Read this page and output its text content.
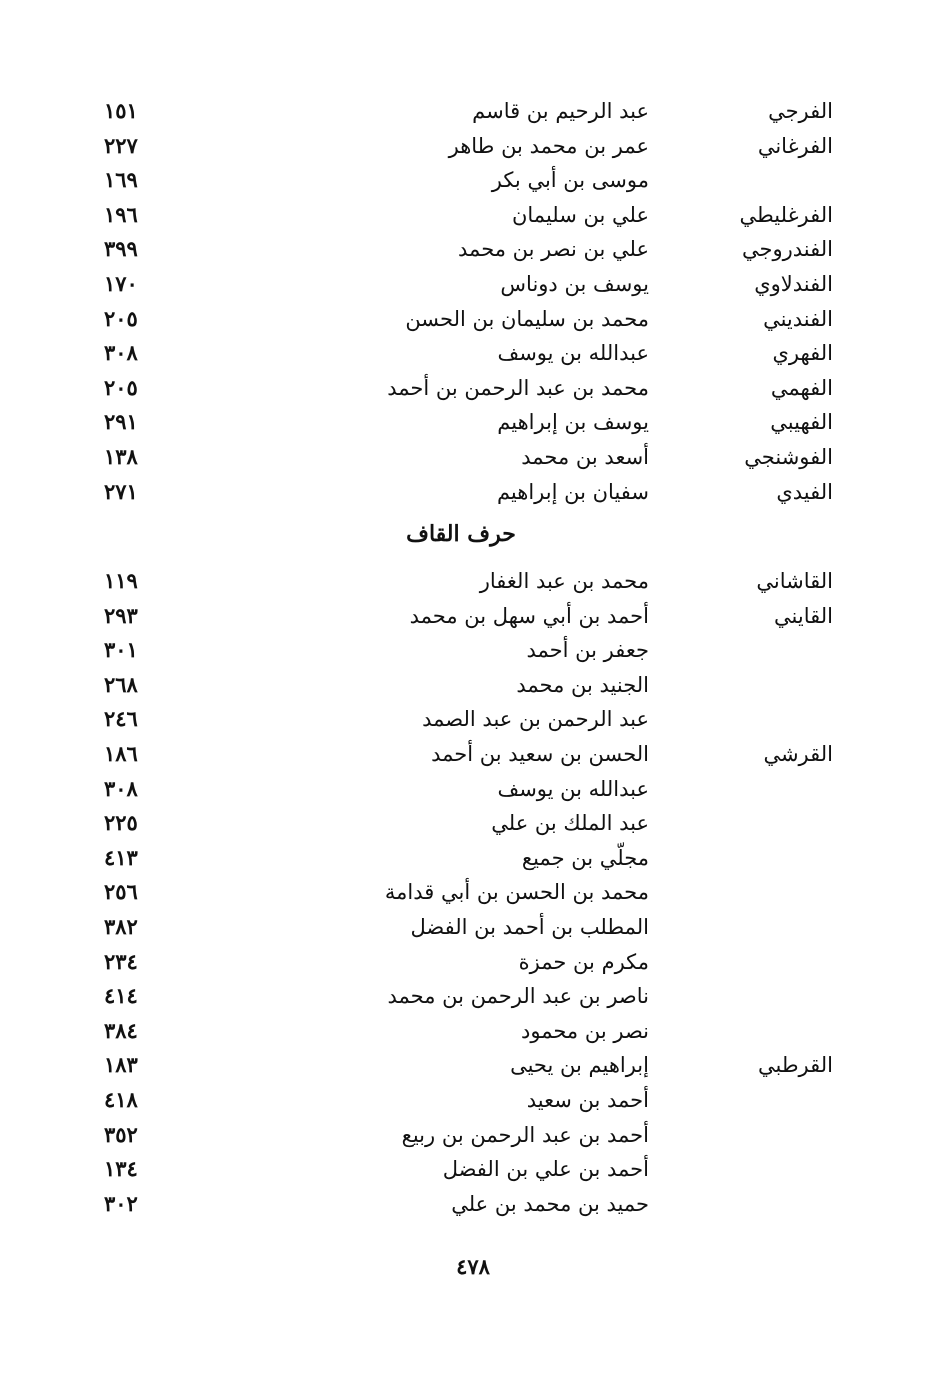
الفرجي
عبد الرحيم بن قاسم
١٥١
الفرغاني
عمر بن محمد بن طاهر
٢٢٧
موسى بن أبي بكر
١٦٩
الفرغليطي
علي بن سليمان
١٩٦
الفندروجي
علي بن نصر بن محمد
٣٩٩
الفندلاوي
يوسف بن دوناس
١٧٠
الفنديني
محمد بن سليمان بن الحسن
٢٠٥
الفهري
عبدالله بن يوسف
٣٠٨
الفهمي
محمد بن عبد الرحمن بن أحمد
٢٠٥
الفهيبي
يوسف بن إبراهيم
٢٩١
الفوشنجي
أسعد بن محمد
١٣٨
الفيدي
سفيان بن إبراهيم
٢٧١
حرف القاف
القاشاني
محمد بن عبد الغفار
١١٩
القايني
أحمد بن أبي سهل بن محمد
٢٩٣
جعفر بن أحمد
٣٠١
الجنيد بن محمد
٢٦٨
عبد الرحمن بن عبد الصمد
٢٤٦
القرشي
الحسن بن سعيد بن أحمد
١٨٦
عبدالله بن يوسف
٣٠٨
عبد الملك بن علي
٢٢٥
مجلّي بن جميع
٤١٣
محمد بن الحسن بن أبي قدامة
٢٥٦
المطلب بن أحمد بن الفضل
٣٨٢
مكرم بن حمزة
٢٣٤
ناصر بن عبد الرحمن بن محمد
٤١٤
نصر بن محمود
٣٨٤
القرطبي
إبراهيم بن يحيى
١٨٣
أحمد بن سعيد
٤١٨
أحمد بن عبد الرحمن بن ربيع
٣٥٢
أحمد بن علي بن الفضل
١٣٤
حميد بن محمد بن علي
٣٠٢
٤٧٨
